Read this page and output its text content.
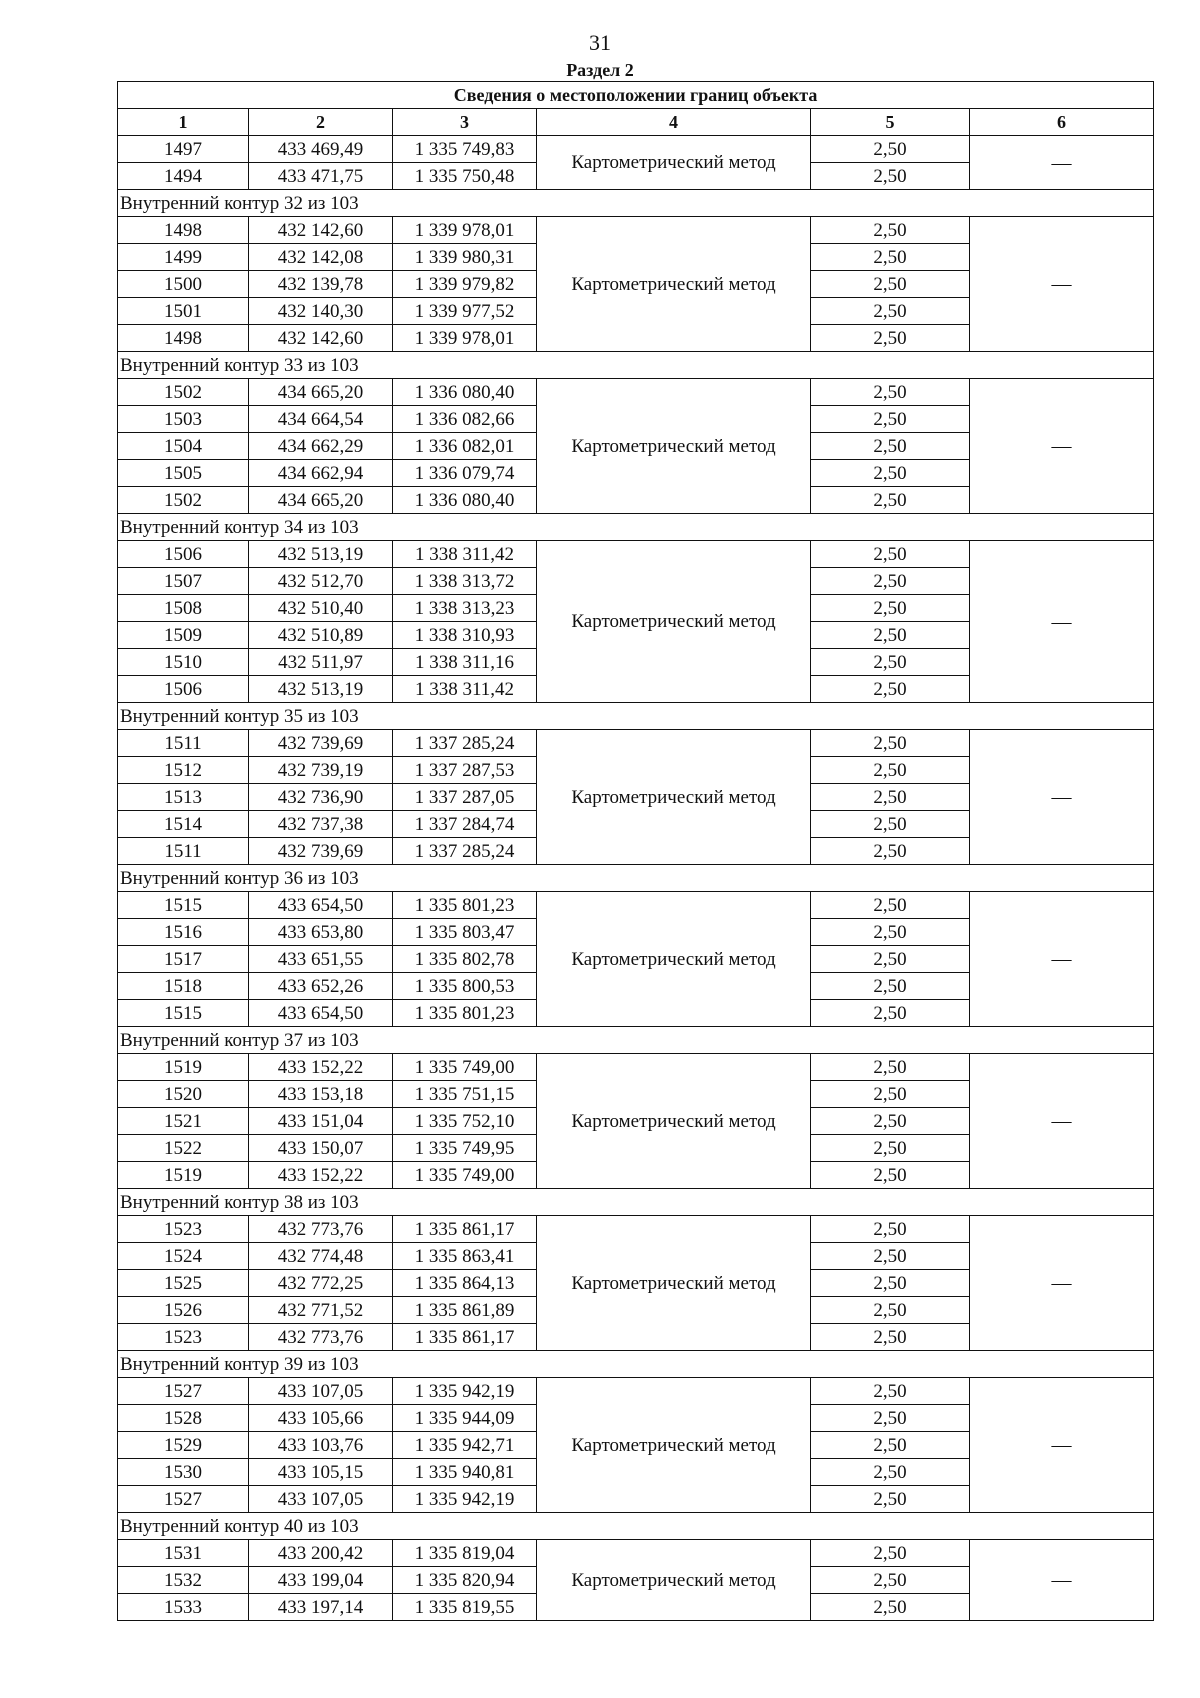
31
Раздел 2
Сведения о местоположении границ объекта					
1	2	3	4	5	6
1497	433 469,49	1 335 749,83	Картометрический метод	2,50	—
1494	433 471,75	1 335 750,48		2,50	
Внутренний контур 32 из 103					
1498	432 142,60	1 339 978,01	Картометрический метод	2,50	—
1499	432 142,08	1 339 980,31		2,50	
1500	432 139,78	1 339 979,82		2,50	
1501	432 140,30	1 339 977,52		2,50	
1498	432 142,60	1 339 978,01		2,50	
Внутренний контур 33 из 103					
1502	434 665,20	1 336 080,40	Картометрический метод	2,50	—
1503	434 664,54	1 336 082,66		2,50	
1504	434 662,29	1 336 082,01		2,50	
1505	434 662,94	1 336 079,74		2,50	
1502	434 665,20	1 336 080,40		2,50	
Внутренний контур 34 из 103					
1506	432 513,19	1 338 311,42	Картометрический метод	2,50	—
1507	432 512,70	1 338 313,72		2,50	
1508	432 510,40	1 338 313,23		2,50	
1509	432 510,89	1 338 310,93		2,50	
1510	432 511,97	1 338 311,16		2,50	
1506	432 513,19	1 338 311,42		2,50	
Внутренний контур 35 из 103					
1511	432 739,69	1 337 285,24	Картометрический метод	2,50	—
1512	432 739,19	1 337 287,53		2,50	
1513	432 736,90	1 337 287,05		2,50	
1514	432 737,38	1 337 284,74		2,50	
1511	432 739,69	1 337 285,24		2,50	
Внутренний контур 36 из 103					
1515	433 654,50	1 335 801,23	Картометрический метод	2,50	—
1516	433 653,80	1 335 803,47		2,50	
1517	433 651,55	1 335 802,78		2,50	
1518	433 652,26	1 335 800,53		2,50	
1515	433 654,50	1 335 801,23		2,50	
Внутренний контур 37 из 103					
1519	433 152,22	1 335 749,00	Картометрический метод	2,50	—
1520	433 153,18	1 335 751,15		2,50	
1521	433 151,04	1 335 752,10		2,50	
1522	433 150,07	1 335 749,95		2,50	
1519	433 152,22	1 335 749,00		2,50	
Внутренний контур 38 из 103					
1523	432 773,76	1 335 861,17	Картометрический метод	2,50	—
1524	432 774,48	1 335 863,41		2,50	
1525	432 772,25	1 335 864,13		2,50	
1526	432 771,52	1 335 861,89		2,50	
1523	432 773,76	1 335 861,17		2,50	
Внутренний контур 39 из 103					
1527	433 107,05	1 335 942,19	Картометрический метод	2,50	—
1528	433 105,66	1 335 944,09		2,50	
1529	433 103,76	1 335 942,71		2,50	
1530	433 105,15	1 335 940,81		2,50	
1527	433 107,05	1 335 942,19		2,50	
Внутренний контур 40 из 103					
1531	433 200,42	1 335 819,04	Картометрический метод	2,50	—
1532	433 199,04	1 335 820,94		2,50	
1533	433 197,14	1 335 819,55		2,50	
